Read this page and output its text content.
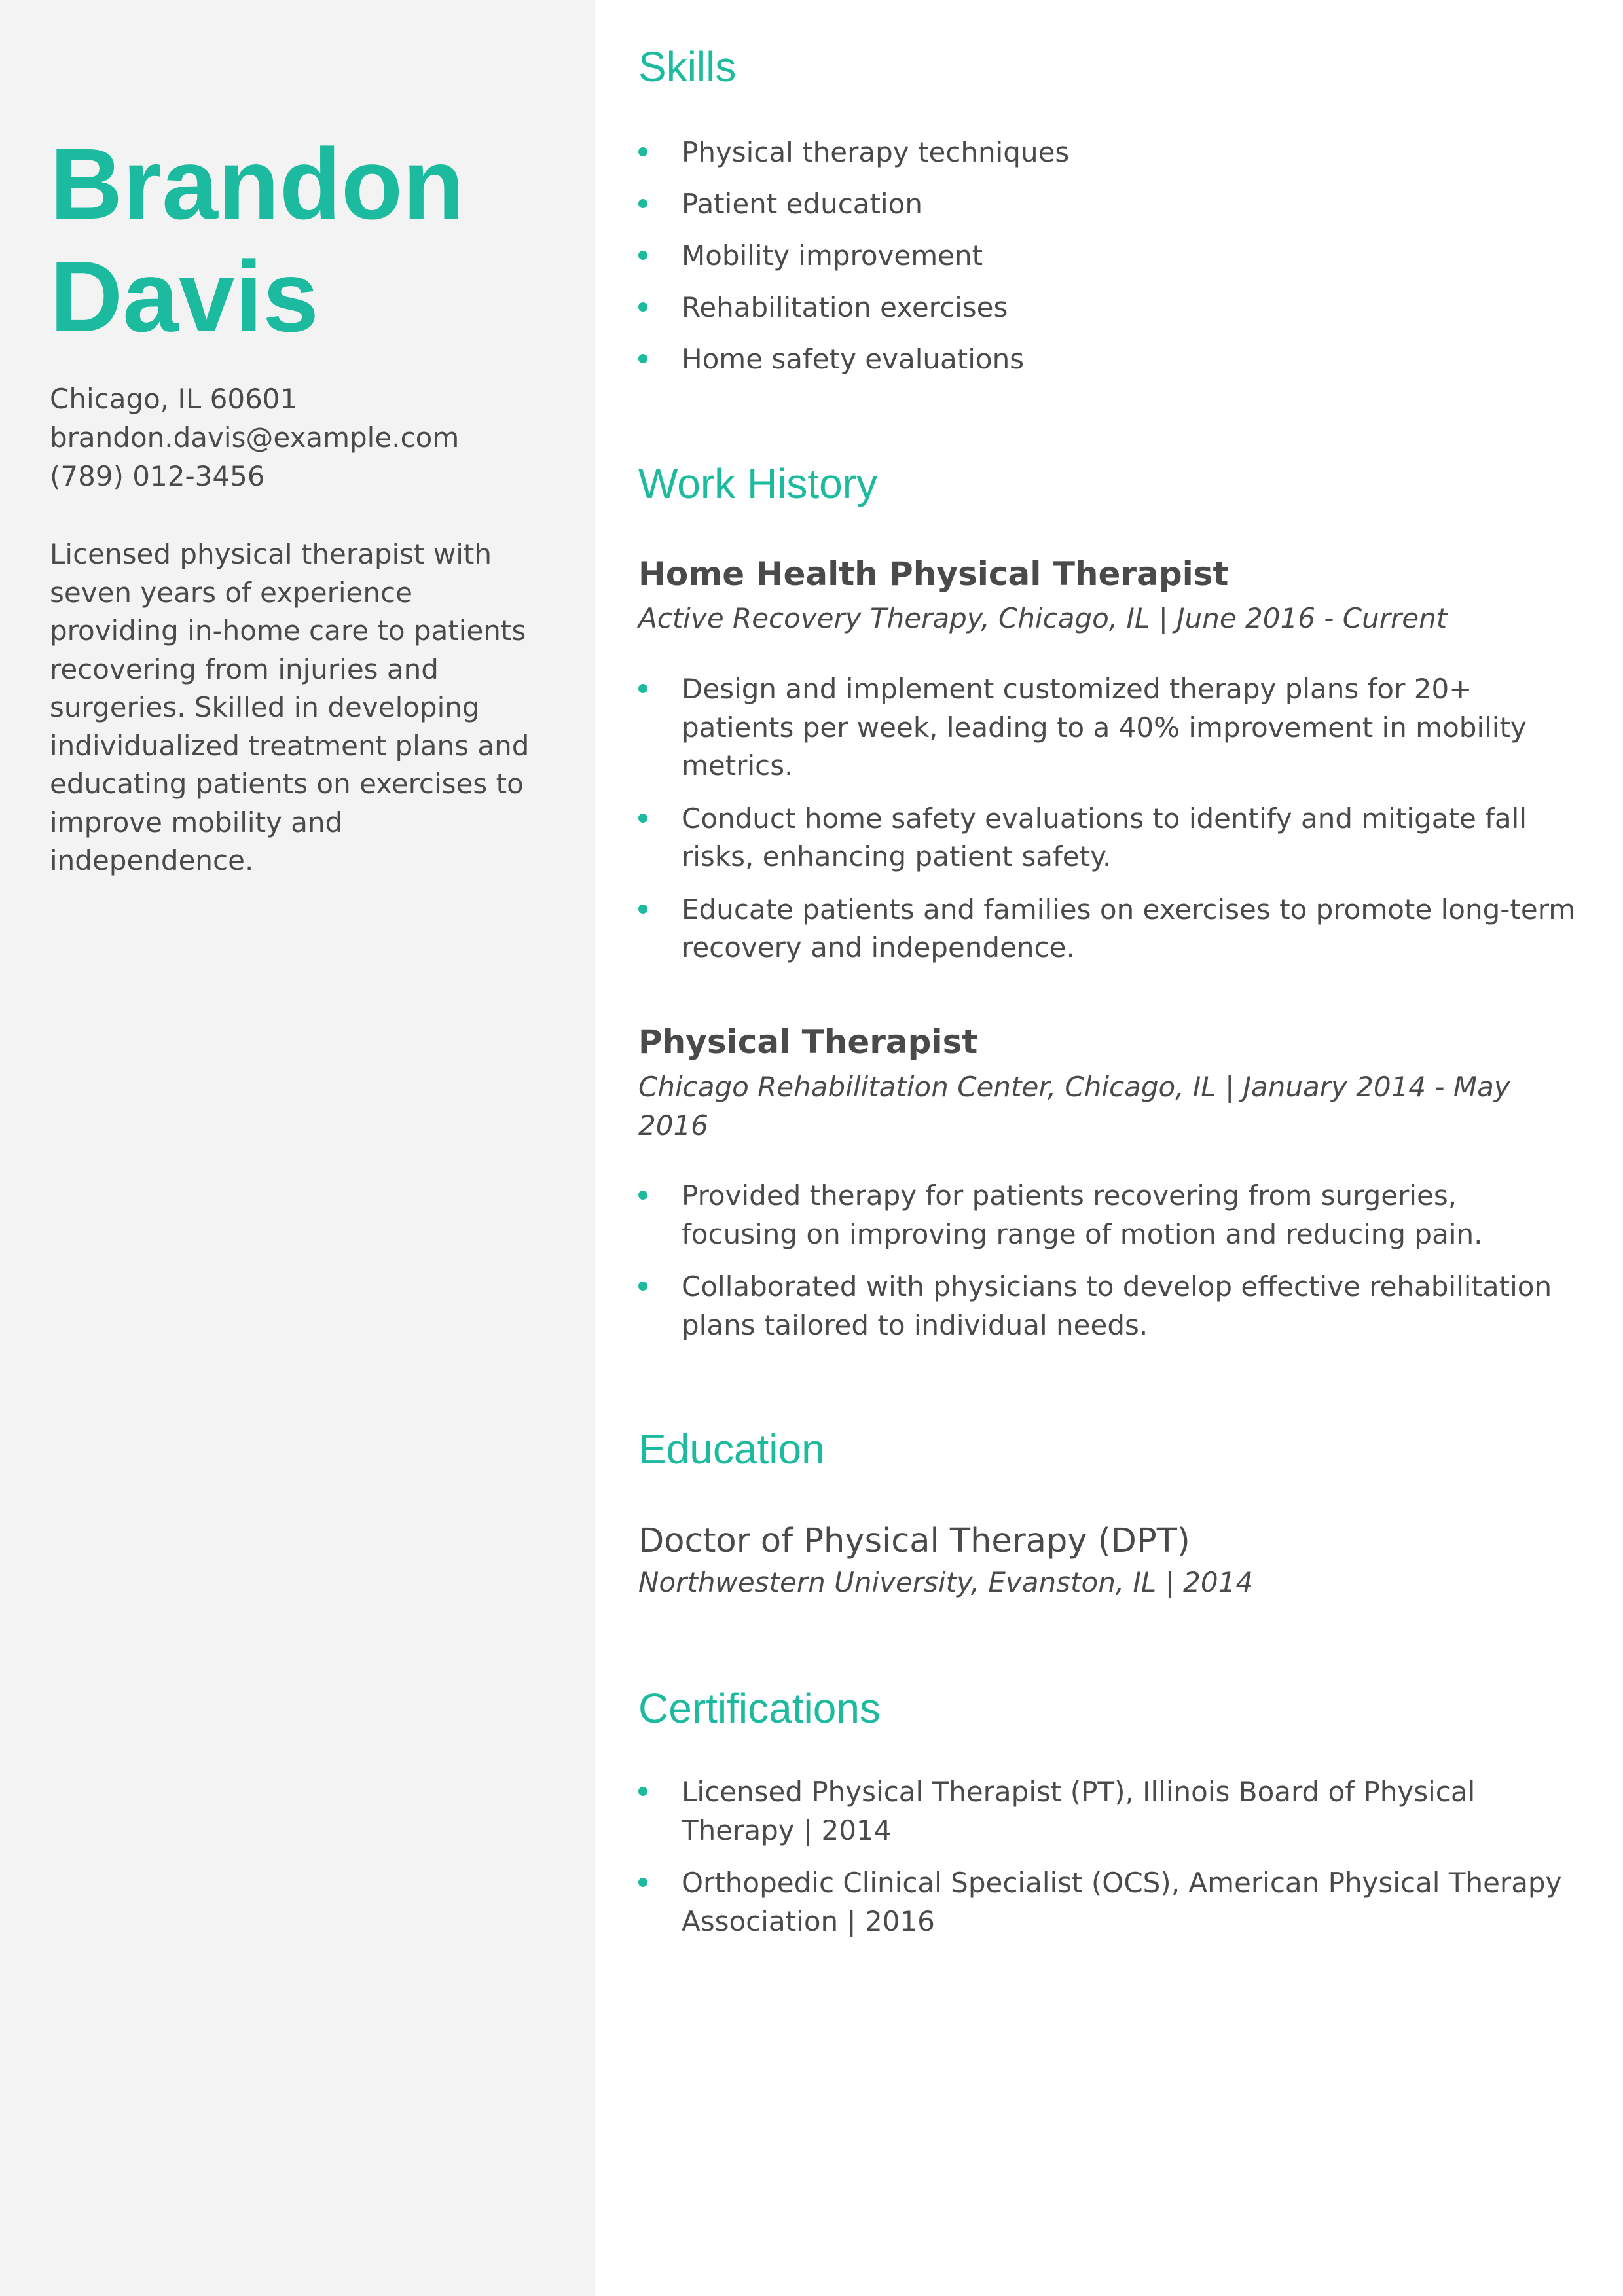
Brandon
Davis
Chicago, IL 60601
brandon.davis@example.com
(789) 012-3456

Licensed physical therapist with seven years of experience providing in-home care to patients recovering from injuries and surgeries. Skilled in developing individualized treatment plans and educating patients on exercises to improve mobility and independence.

Skills
Physical therapy techniques
Patient education
Mobility improvement
Rehabilitation exercises
Home safety evaluations
Work History
Home Health Physical Therapist

Active Recovery Therapy, Chicago, IL | June 2016 - Current

Design and implement customized therapy plans for 20+ patients per week, leading to a 40% improvement in mobility metrics.
Conduct home safety evaluations to identify and mitigate fall risks, enhancing patient safety.
Educate patients and families on exercises to promote long-term recovery and independence.
Physical Therapist

Chicago Rehabilitation Center, Chicago, IL | January 2014 - May 2016

Provided therapy for patients recovering from surgeries, focusing on improving range of motion and reducing pain.
Collaborated with physicians to develop effective rehabilitation plans tailored to individual needs.
Education

Doctor of Physical Therapy (DPT)

Northwestern University, Evanston, IL | 2014

Certifications
Licensed Physical Therapist (PT), Illinois Board of Physical Therapy | 2014
Orthopedic Clinical Specialist (OCS), American Physical Therapy Association | 2016
